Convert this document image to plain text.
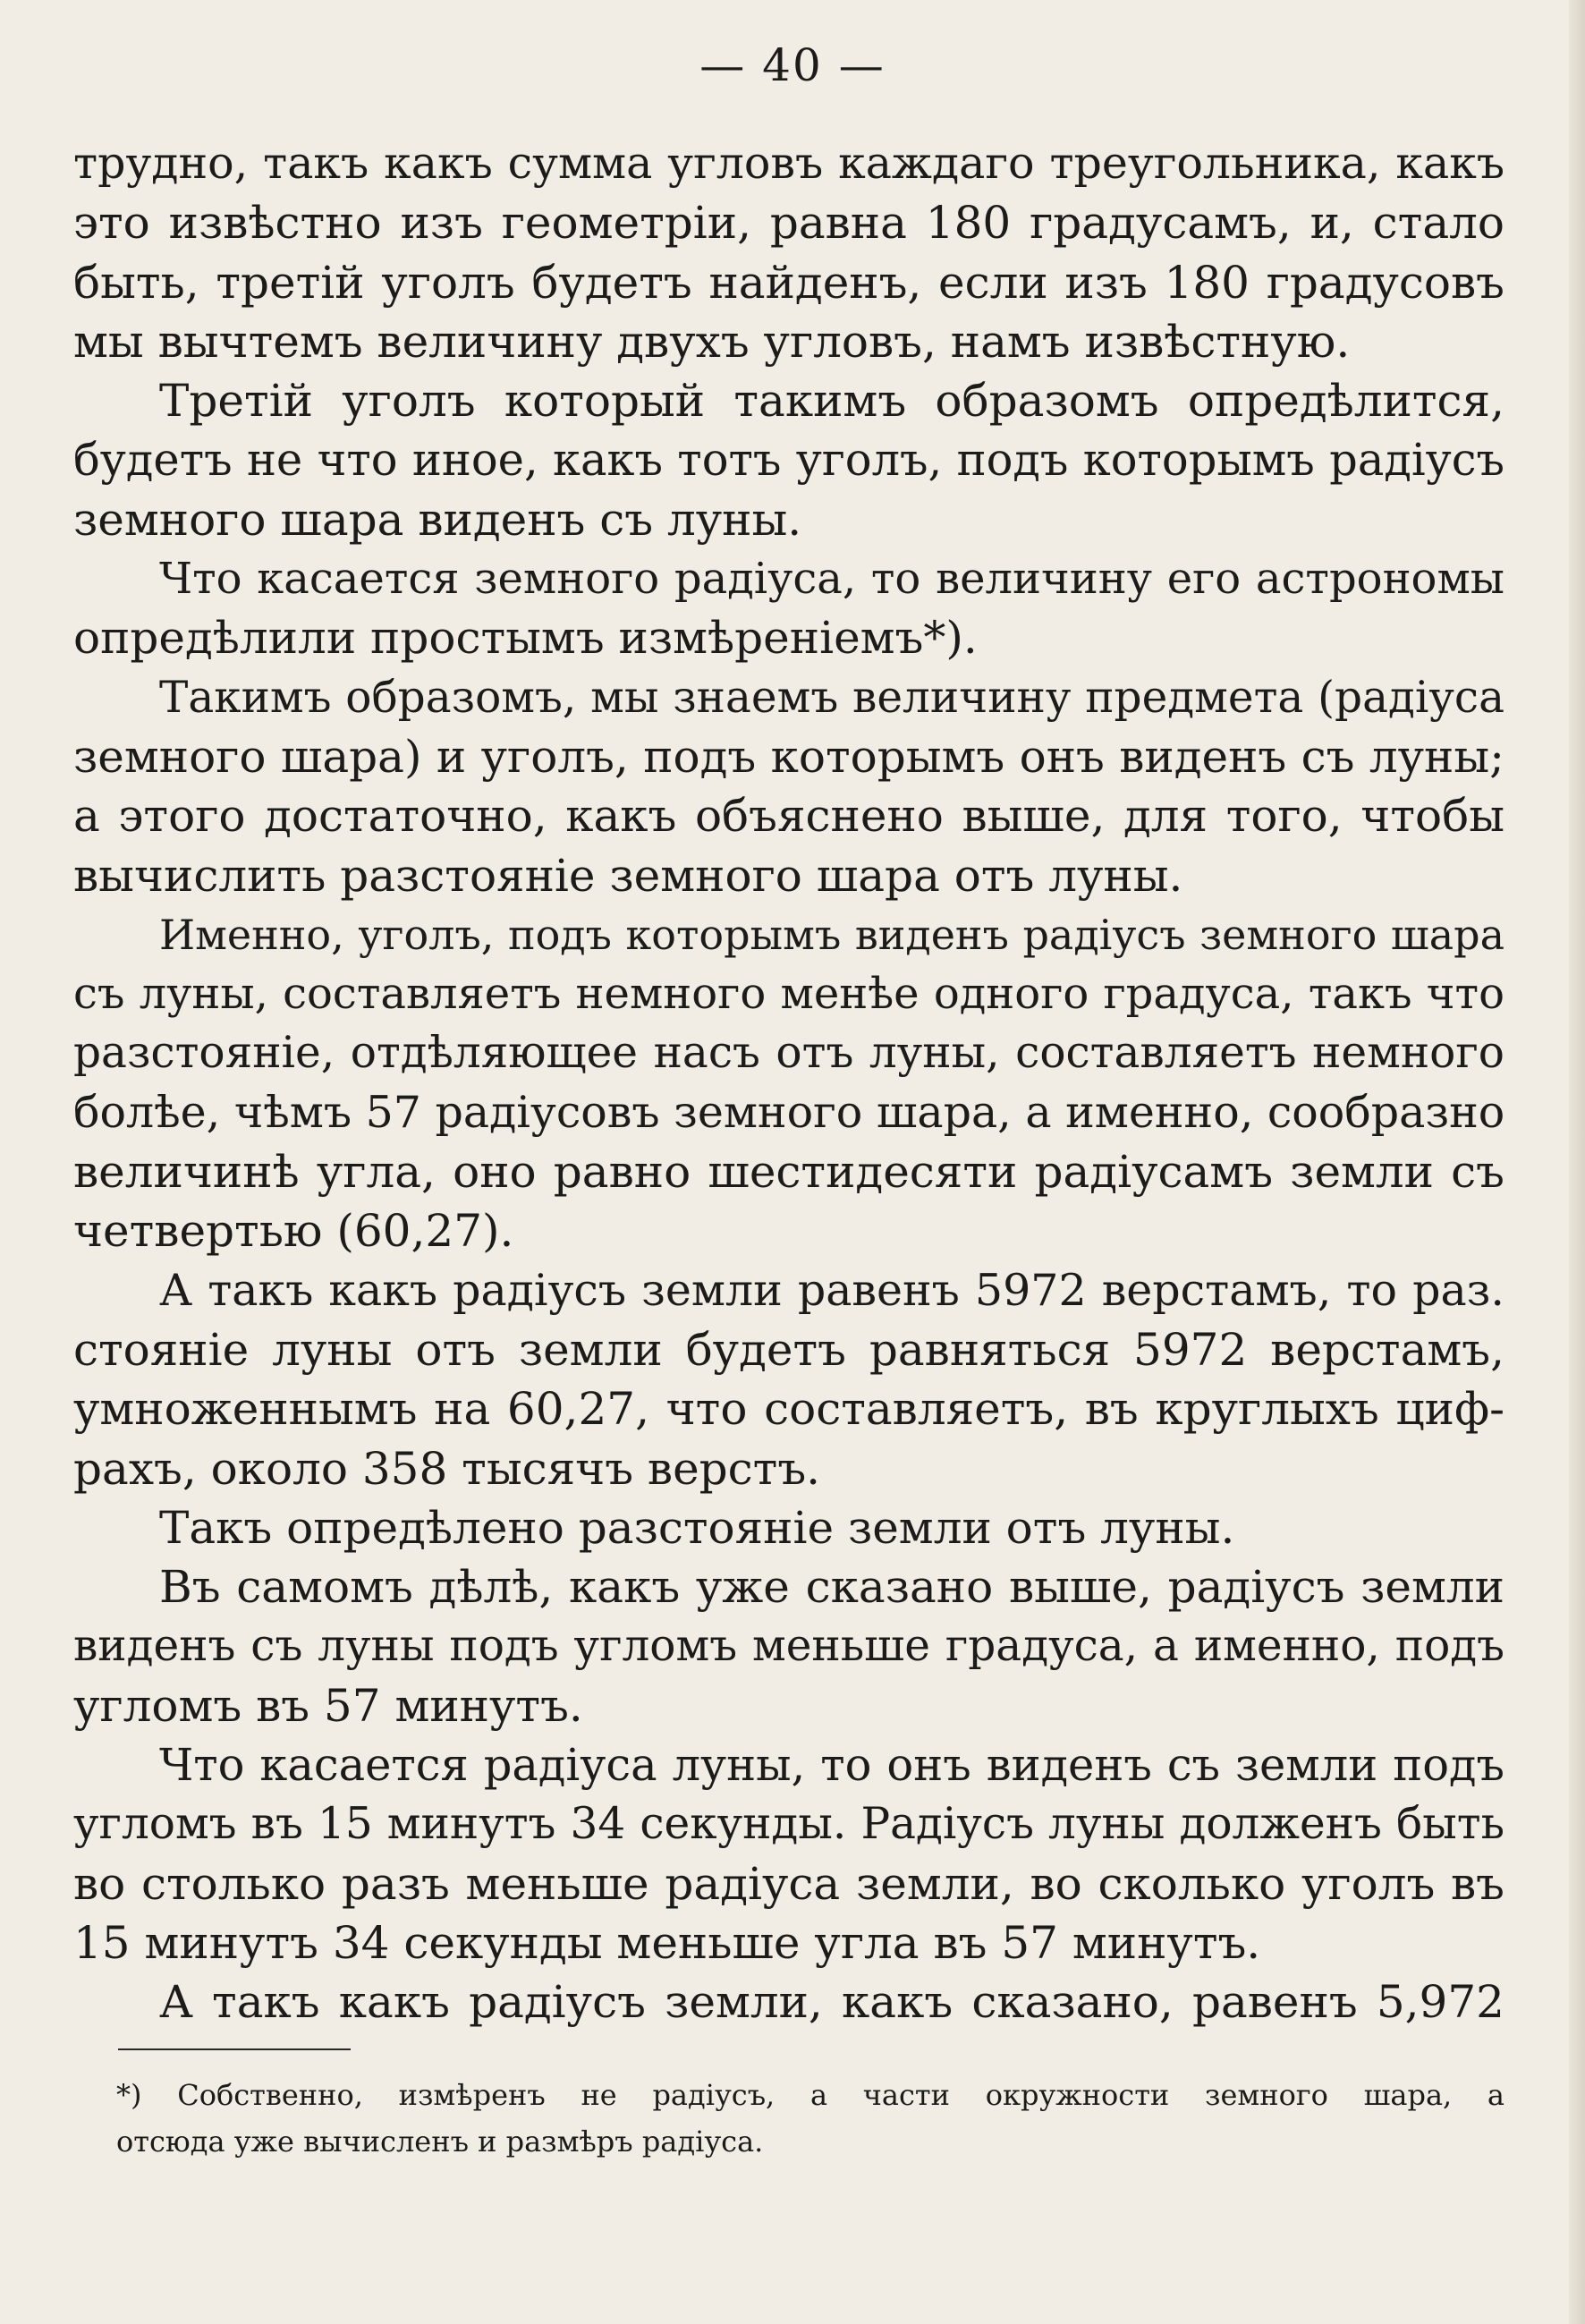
— 40 —
трудно, такъ какъ сумма угловъ каждаго треугольника, какъ
это извѣстно изъ геометріи, равна 180 градусамъ, и, стало
быть, третій уголъ будетъ найденъ, если изъ 180 градусовъ
мы вычтемъ величину двухъ угловъ, намъ извѣстную.
Третій уголъ который такимъ образомъ опредѣлится,
будетъ не что иное, какъ тотъ уголъ, подъ которымъ радіусъ
земного шара виденъ съ луны.
Что касается земного радіуса, то величину его астрономы
опредѣлили простымъ измѣреніемъ*).
Такимъ образомъ, мы знаемъ величину предмета (радіуса
земного шара) и уголъ, подъ которымъ онъ виденъ съ луны;
а этого достаточно, какъ объяснено выше, для того, чтобы
вычислить разстояніе земного шара отъ луны.
Именно, уголъ, подъ которымъ виденъ радіусъ земного шара
съ луны, составляетъ немного менѣе одного градуса, такъ что
разстояніе, отдѣляющее насъ отъ луны, составляетъ немного
болѣе, чѣмъ 57 радіусовъ земного шара, а именно, сообразно
величинѣ угла, оно равно шестидесяти радіусамъ земли съ
четвертью (60,27).
А такъ какъ радіусъ земли равенъ 5972 верстамъ, то раз.
стояніе луны отъ земли будетъ равняться 5972 верстамъ,
умноженнымъ на 60,27, что составляетъ, въ круглыхъ циф-
рахъ, около 358 тысячъ верстъ.
Такъ опредѣлено разстояніе земли отъ луны.
Въ самомъ дѣлѣ, какъ уже сказано выше, радіусъ земли
виденъ съ луны подъ угломъ меньше градуса, а именно, подъ
угломъ въ 57 минутъ.
Что касается радіуса луны, то онъ виденъ съ земли подъ
угломъ въ 15 минутъ 34 секунды. Радіусъ луны долженъ быть
во столько разъ меньше радіуса земли, во сколько уголъ въ
15 минутъ 34 секунды меньше угла въ 57 минутъ.
А такъ какъ радіусъ земли, какъ сказано, равенъ 5,972
*) Собственно, измѣренъ не радіусъ, а части окружности земного шара, а
отсюда уже вычисленъ и размѣръ радіуса.
